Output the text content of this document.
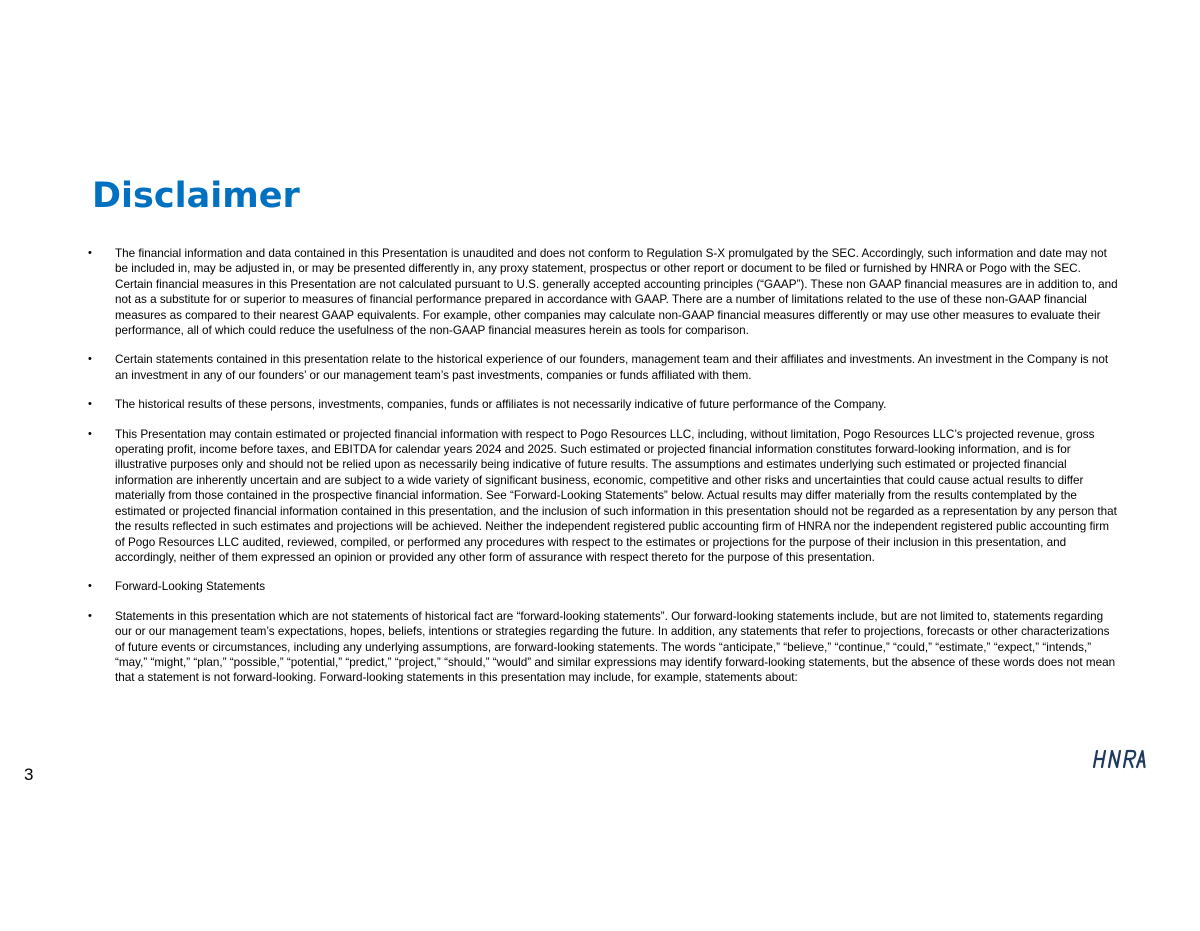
Disclaimer
• The financial information and data contained in this Presentation is unaudited and does not conform to Regulation S-X promulgated by the SEC. Accordingly, such information and date may not be included in, may be adjusted in, or may be presented differently in, any proxy statement, prospectus or other report or document to be filed or furnished by HNRA or Pogo with the SEC. Certain financial measures in this Presentation are not calculated pursuant to U.S. generally accepted accounting principles (“GAAP”). These non GAAP financial measures are in addition to, and not as a substitute for or superior to measures of financial performance prepared in accordance with GAAP. There are a number of limitations related to the use of these non-GAAP financial measures as compared to their nearest GAAP equivalents. For example, other companies may calculate non-GAAP financial measures differently or may use other measures to evaluate their performance, all of which could reduce the usefulness of the non-GAAP financial measures herein as tools for comparison.
• Certain statements contained in this presentation relate to the historical experience of our founders, management team and their affiliates and investments. An investment in the Company is not an investment in any of our founders’ or our management team’s past investments, companies or funds affiliated with them.
• The historical results of these persons, investments, companies, funds or affiliates is not necessarily indicative of future performance of the Company.
• This Presentation may contain estimated or projected financial information with respect to Pogo Resources LLC, including, without limitation, Pogo Resources LLC’s projected revenue, gross operating profit, income before taxes, and EBITDA for calendar years 2024 and 2025. Such estimated or projected financial information constitutes forward-looking information, and is for illustrative purposes only and should not be relied upon as necessarily being indicative of future results. The assumptions and estimates underlying such estimated or projected financial information are inherently uncertain and are subject to a wide variety of significant business, economic, competitive and other risks and uncertainties that could cause actual results to differ materially from those contained in the prospective financial information. See “Forward-Looking Statements” below. Actual results may differ materially from the results contemplated by the estimated or projected financial information contained in this presentation, and the inclusion of such information in this presentation should not be regarded as a representation by any person that the results reflected in such estimates and projections will be achieved. Neither the independent registered public accounting firm of HNRA nor the independent registered public accounting firm of Pogo Resources LLC audited, reviewed, compiled, or performed any procedures with respect to the estimates or projections for the purpose of their inclusion in this presentation, and accordingly, neither of them expressed an opinion or provided any other form of assurance with respect thereto for the purpose of this presentation.
• Forward-Looking Statements
• Statements in this presentation which are not statements of historical fact are “forward-looking statements”. Our forward-looking statements include, but are not limited to, statements regarding our or our management team’s expectations, hopes, beliefs, intentions or strategies regarding the future. In addition, any statements that refer to projections, forecasts or other characterizations of future events or circumstances, including any underlying assumptions, are forward-looking statements. The words “anticipate,” “believe,” “continue,” “could,” “estimate,” “expect,” “intends,” “may,” “might,” “plan,” “possible,” “potential,” “predict,” “project,” “should,” “would” and similar expressions may identify forward-looking statements, but the absence of these words does not mean that a statement is not forward-looking. Forward-looking statements in this presentation may include, for example, statements about:
3
